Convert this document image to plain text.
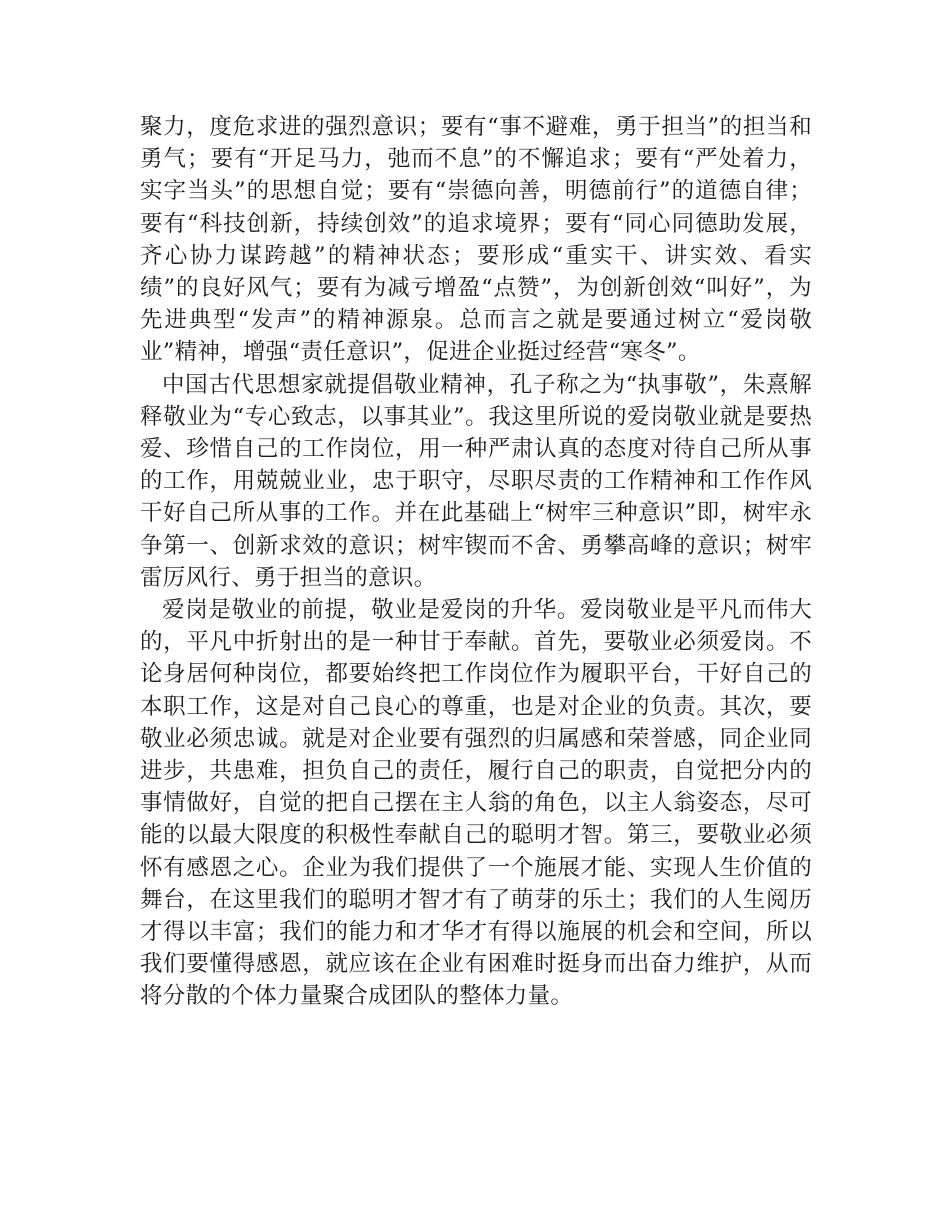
聚力，度危求进的强烈意识；要有“事不避难，勇于担当”的担当和勇气；要有“开足马力，弛而不息”的不懈追求；要有“严处着力，实字当头”的思想自觉；要有“崇德向善，明德前行”的道德自律；要有“科技创新，持续创效”的追求境界；要有“同心同德助发展，齐心协力谋跨越”的精神状态；要形成“重实干、讲实效、看实绩”的良好风气；要有为减亏增盈“点赞”，为创新创效“叫好”，为先进典型“发声”的精神源泉。总而言之就是要通过树立“爱岗敬业”精神，增强“责任意识”，促进企业挺过经营“寒冬”。

中国古代思想家就提倡敬业精神，孔子称之为“执事敬”，朱熹解释敬业为“专心致志，以事其业”。我这里所说的爱岗敬业就是要热爱、珍惜自己的工作岗位，用一种严肃认真的态度对待自己所从事的工作，用兢兢业业，忠于职守，尽职尽责的工作精神和工作作风干好自己所从事的工作。并在此基础上“树牢三种意识”即，树牢永争第一、创新求效的意识；树牢锲而不舍、勇攀高峰的意识；树牢雷厉风行、勇于担当的意识。

爱岗是敬业的前提，敬业是爱岗的升华。爱岗敬业是平凡而伟大的，平凡中折射出的是一种甘于奉献。首先，要敬业必须爱岗。不论身居何种岗位，都要始终把工作岗位作为履职平台，干好自己的本职工作，这是对自己良心的尊重，也是对企业的负责。其次，要敬业必须忠诚。就是对企业要有强烈的归属感和荣誉感，同企业同进步，共患难，担负自己的责任，履行自己的职责，自觉把分内的事情做好，自觉的把自己摆在主人翁的角色，以主人翁姿态，尽可能的以最大限度的积极性奉献自己的聪明才智。第三，要敬业必须怀有感恩之心。企业为我们提供了一个施展才能、实现人生价值的舞台，在这里我们的聪明才智才有了萌芽的乐土；我们的人生阅历才得以丰富；我们的能力和才华才有得以施展的机会和空间，所以我们要懂得感恩，就应该在企业有困难时挺身而出奋力维护，从而将分散的个体力量聚合成团队的整体力量。
